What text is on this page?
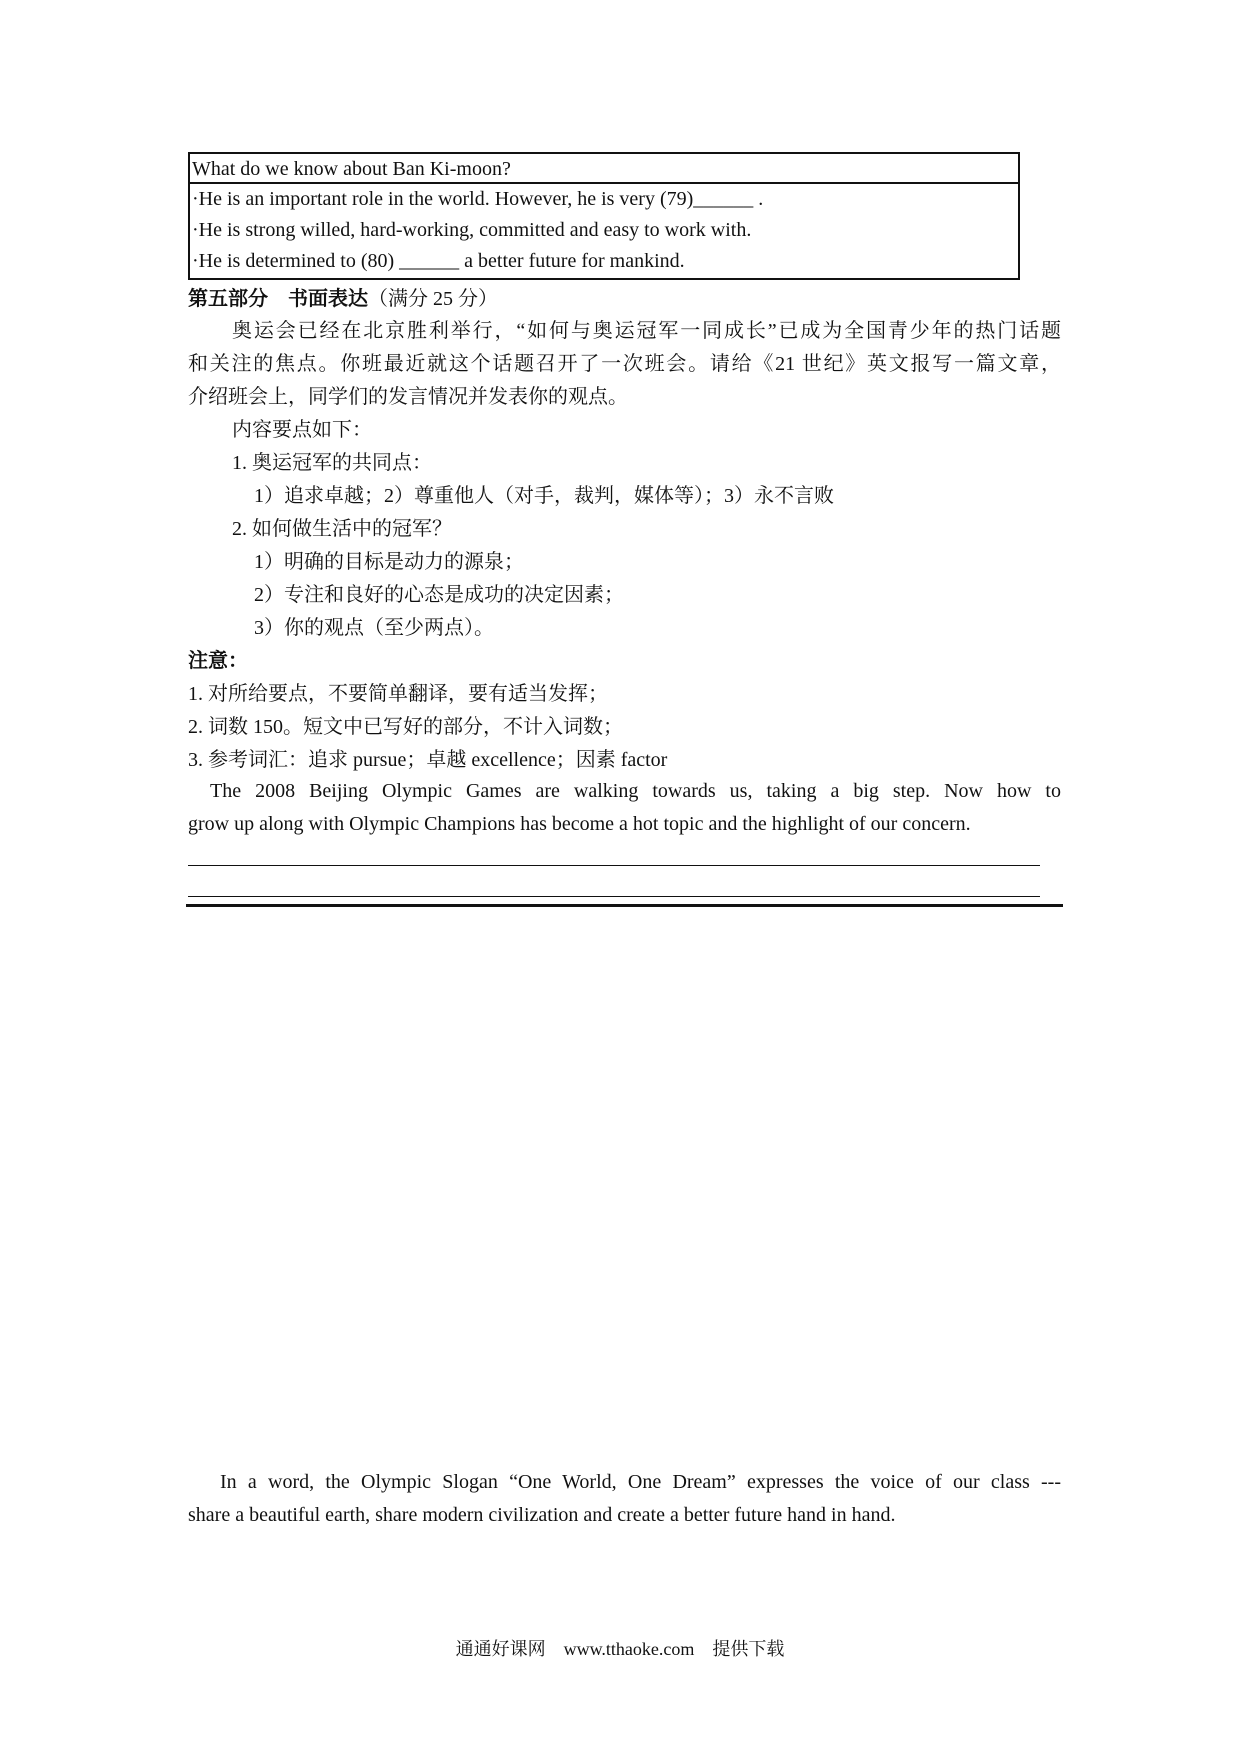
What do we know about Ban Ki-moon?
·He is an important role in the world. However, he is very (79)______ .
·He is strong willed, hard-working, committed and easy to work with.
·He is determined to (80) ______ a better future for mankind.
第五部分　书面表达（满分 25 分）
奥运会已经在北京胜利举行，“如何与奥运冠军一同成长”已成为全国青少年的热门话题
和关注的焦点。你班最近就这个话题召开了一次班会。请给《21 世纪》英文报写一篇文章，
介绍班会上，同学们的发言情况并发表你的观点。
内容要点如下：
1. 奥运冠军的共同点：
1）追求卓越；2）尊重他人（对手，裁判，媒体等）；3）永不言败
2. 如何做生活中的冠军？
1）明确的目标是动力的源泉；
2）专注和良好的心态是成功的决定因素；
3）你的观点（至少两点）。
注意：
1. 对所给要点，不要简单翻译，要有适当发挥；
2. 词数 150。短文中已写好的部分，不计入词数；
3. 参考词汇：追求 pursue；卓越 excellence；因素 factor
The 2008 Beijing Olympic Games are walking towards us, taking a big step. Now how to
grow up along with Olympic Champions has become a hot topic and the highlight of our concern.
In a word, the Olympic Slogan “One World, One Dream” expresses the voice of our class ---
share a beautiful earth, share modern civilization and create a better future hand in hand.
通通好课网　www.tthaoke.com　提供下载
